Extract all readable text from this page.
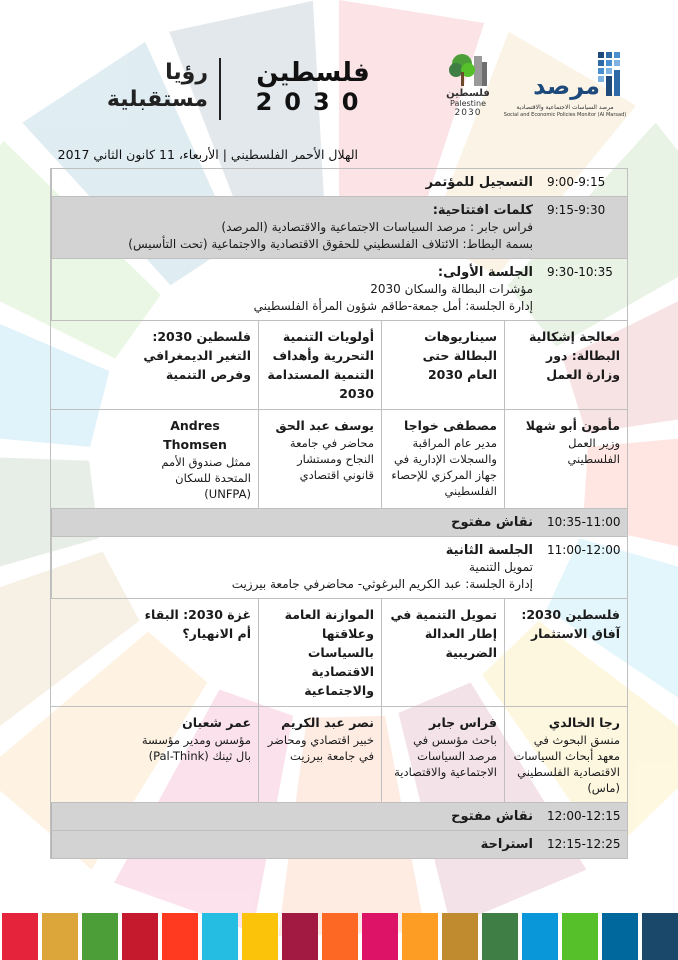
رؤيا
مستقبلية
فلسطين
2030	فلسطين
Palestine
2030
مرصد
مرصد السياسات الاجتماعية والاقتصادية
Social and Economic Policies Monitor (Al Marsad)
الهلال الأحمر الفلسطيني | الأربعاء، 11 كانون الثاني 2017
9:00-9:15
التسجيل للمؤتمر
9:15-9:30
كلمات افتتاحية:
فراس جابر : مرصد السياسات الاجتماعية والاقتصادية (المرصد)
بسمة البطاط: الائتلاف الفلسطيني للحقوق الاقتصادية والاجتماعية (تحت التأسيس)
9:30-10:35
الجلسة الأولى:
مؤشرات البطالة والسكان 2030
إدارة الجلسة: أمل جمعة-طاقم شؤون المرأة الفلسطيني
معالجة إشكالية البطالة: دور وزارة العمل
سيناريوهات البطالة حتى العام 2030
أولويات التنمية التحررية وأهداف التنمية المستدامة 2030
فلسطين 2030: التغير الديمغرافي وفرص التنمية
مأمون أبو شهلا
وزير العمل الفلسطيني
مصطفى خواجا
مدير عام المراقبة والسجلات الإدارية في جهاز المركزي للإحصاء الفلسطيني
يوسف عبد الحق
محاضر في جامعة النجاح ومستشار قانوني اقتصادي
Andres Thomsen
ممثل صندوق الأمم المتحدة للسكان (UNFPA)
10:35-11:00
نقاش مفتوح
11:00-12:00
الجلسة الثانية
تمويل التنمية
إدارة الجلسة: عبد الكريم البرغوثي- محاضرفي جامعة بيرزيت
فلسطين 2030: آفاق الاستثمار
تمويل التنمية في إطار العدالة الضريبية
الموازنة العامة وعلاقتها بالسياسات الاقتصادية والاجتماعية
غزة 2030: البقاء أم الانهيار؟
رجا الخالدي
منسق البحوث في معهد أبحاث السياسات الاقتصادية الفلسطيني (ماس)
فراس جابر
باحث مؤسس في مرصد السياسات الاجتماعية والاقتصادية
نصر عبد الكريم
خبير اقتصادي ومحاضر في جامعة بيرزيت
عمر شعبان
مؤسس ومدير مؤسسة بال ثينك (Pal-Think)
12:00-12:15
نقاش مفتوح
12:15-12:25
استراحة
